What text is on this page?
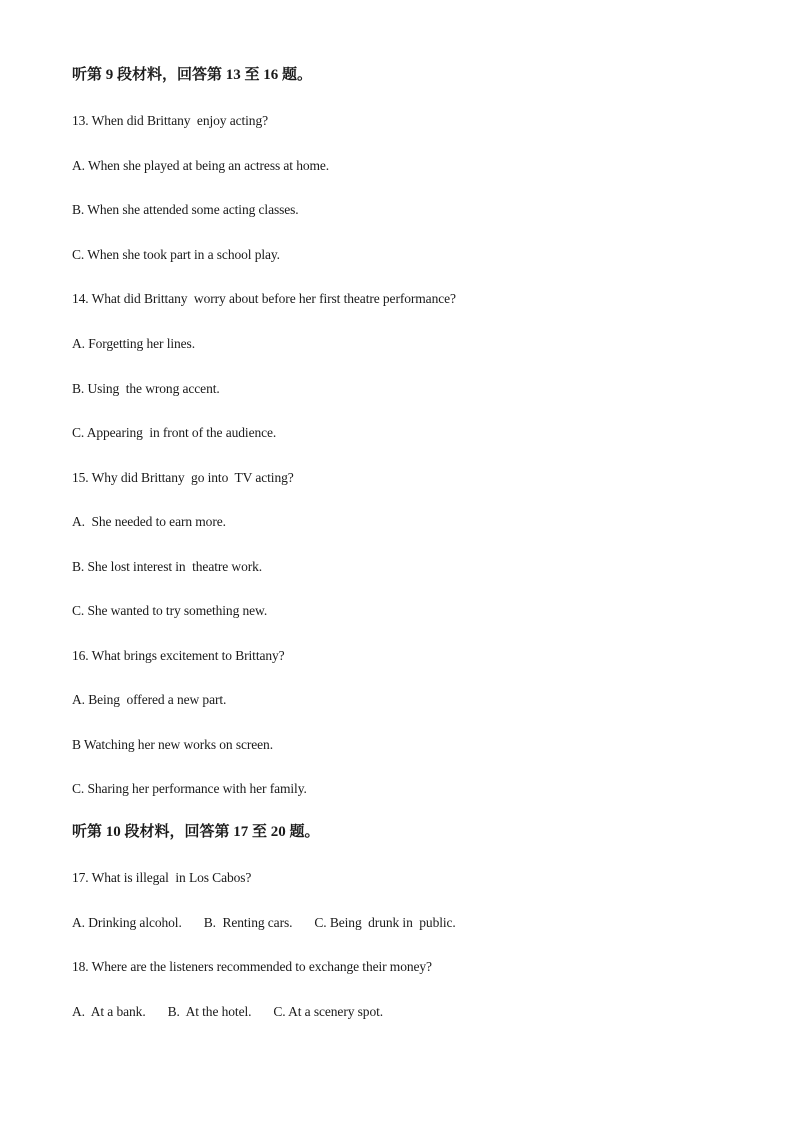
听第 9 段材料，回答第 13 至 16 题。
13. When did Brittany  enjoy acting?
A. When she played at being an actress at home.
B. When she attended some acting classes.
C. When she took part in a school play.
14. What did Brittany  worry about before her first theatre performance?
A. Forgetting her lines.
B. Using  the wrong accent.
C. Appearing  in front of the audience.
15. Why did Brittany  go into  TV acting?
A.  She needed to earn more.
B. She lost interest in  theatre work.
C. She wanted to try something new.
16. What brings excitement to Brittany?
A. Being  offered a new part.
B Watching her new works on screen.
C. Sharing her performance with her family.
听第 10 段材料，回答第 17 至 20 题。
17. What is illegal  in Los Cabos?
A. Drinking alcohol. B.  Renting cars. C. Being  drunk in  public.
18. Where are the listeners recommended to exchange their money?
A.  At a bank. B.  At the hotel. C. At a scenery spot.
